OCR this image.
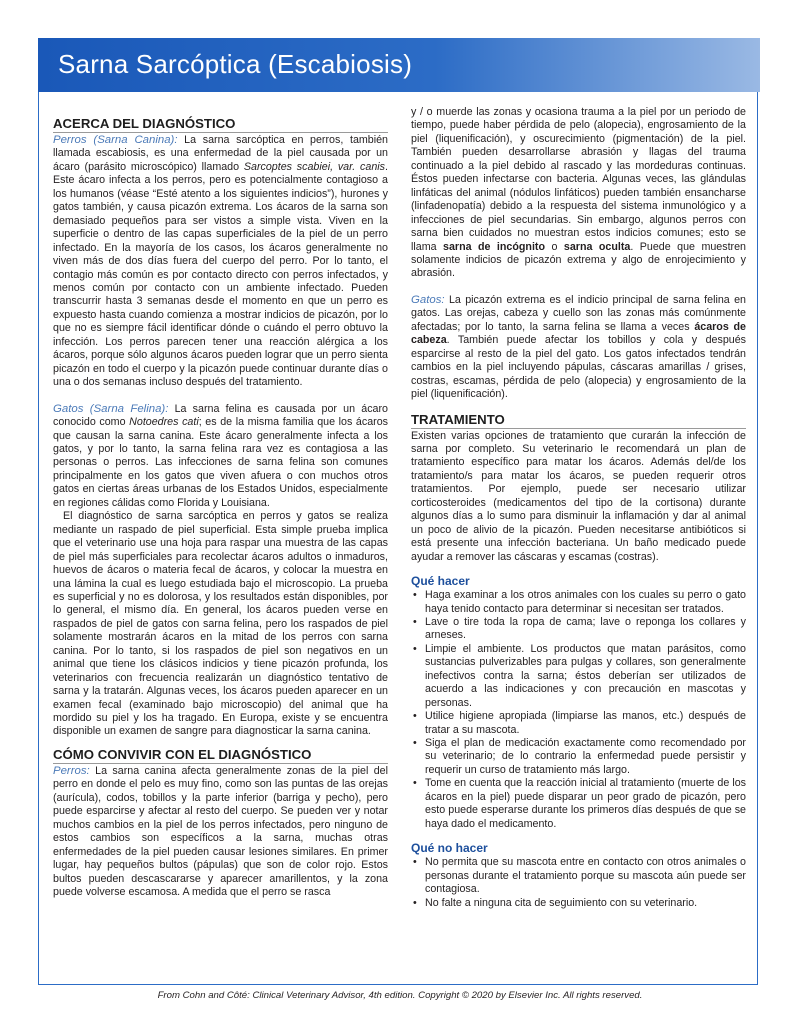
Sarna Sarcóptica (Escabiosis)
ACERCA DEL DIAGNÓSTICO

Perros (Sarna Canina): La sarna sarcóptica en perros, también llamada escabiosis, es una enfermedad de la piel causada por un ácaro (parásito microscópico) llamado Sarcoptes scabiei, var. canis. Este ácaro infecta a los perros, pero es potencialmente contagioso a los humanos (véase “Esté atento a los siguientes indicios”), hurones y gatos también, y causa picazón extrema. Los ácaros de la sarna son demasiado pequeños para ser vistos a simple vista. Viven en la superficie o dentro de las capas superficiales de la piel de un perro infectado. En la mayoría de los casos, los ácaros generalmente no viven más de dos días fuera del cuerpo del perro. Por lo tanto, el contagio más común es por contacto directo con perros infectados, y menos común por contacto con un ambiente infectado. Pueden transcurrir hasta 3 semanas desde el momento en que un perro es expuesto hasta cuando comienza a mostrar indicios de picazón, por lo que no es siempre fácil identificar dónde o cuándo el perro obtuvo la infección. Los perros parecen tener una reacción alérgica a los ácaros, porque sólo algunos ácaros pueden lograr que un perro sienta picazón en todo el cuerpo y la picazón puede continuar durante días o una o dos semanas incluso después del tratamiento.

Gatos (Sarna Felina): La sarna felina es causada por un ácaro conocido como Notoedres cati; es de la misma familia que los ácaros que causan la sarna canina. Este ácaro generalmente infecta a los gatos, y por lo tanto, la sarna felina rara vez es contagiosa a las personas o perros. Las infecciones de sarna felina son comunes principalmente en los gatos que viven afuera o con muchos otros gatos en ciertas áreas urbanas de los Estados Unidos, especialmente en regiones cálidas como Florida y Louisiana.

El diagnóstico de sarna sarcóptica en perros y gatos se realiza mediante un raspado de piel superficial. Esta simple prueba implica que el veterinario use una hoja para raspar una muestra de las capas de piel más superficiales para recolectar ácaros adultos o inmaduros, huevos de ácaros o materia fecal de ácaros, y colocar la muestra en una lámina la cual es luego estudiada bajo el microscopio. La prueba es superficial y no es dolorosa, y los resultados están disponibles, por lo general, el mismo día. En general, los ácaros pueden verse en raspados de piel de gatos con sarna felina, pero los raspados de piel solamente mostrarán ácaros en la mitad de los perros con sarna canina. Por lo tanto, si los raspados de piel son negativos en un animal que tiene los clásicos indicios y tiene picazón profunda, los veterinarios con frecuencia realizarán un diagnóstico tentativo de sarna y la tratarán. Algunas veces, los ácaros pueden aparecer en un examen fecal (examinado bajo microscopio) del animal que ha mordido su piel y los ha tragado. En Europa, existe y se encuentra disponible un examen de sangre para diagnosticar la sarna canina.

CÓMO CONVIVIR CON EL DIAGNÓSTICO

Perros: La sarna canina afecta generalmente zonas de la piel del perro en donde el pelo es muy fino, como son las puntas de las orejas (aurícula), codos, tobillos y la parte inferior (barriga y pecho), pero puede esparcirse y afectar al resto del cuerpo. Se pueden ver y notar muchos cambios en la piel de los perros infectados, pero ninguno de estos cambios son específicos a la sarna, muchas otras enfermedades de la piel pueden causar lesiones similares. En primer lugar, hay pequeños bultos (pápulas) que son de color rojo. Estos bultos pueden descascararse y aparecer amarillentos, y la zona puede volverse escamosa. A medida que el perro se rasca

y / o muerde las zonas y ocasiona trauma a la piel por un periodo de tiempo, puede haber pérdida de pelo (alopecia), engrosamiento de la piel (liquenificación), y oscurecimiento (pigmentación) de la piel. También pueden desarrollarse abrasión y llagas del trauma continuado a la piel debido al rascado y las mordeduras continuas. Éstos pueden infectarse con bacteria. Algunas veces, las glándulas linfáticas del animal (nódulos linfáticos) pueden también ensancharse (linfadenopatía) debido a la respuesta del sistema inmunológico y a infecciones de piel secundarias. Sin embargo, algunos perros con sarna bien cuidados no muestran estos indicios comunes; esto se llama sarna de incógnito o sarna oculta. Puede que muestren solamente indicios de picazón extrema y algo de enrojecimiento y abrasión.

Gatos: La picazón extrema es el indicio principal de sarna felina en gatos. Las orejas, cabeza y cuello son las zonas más comúnmente afectadas; por lo tanto, la sarna felina se llama a veces ácaros de cabeza. También puede afectar los tobillos y cola y después esparcirse al resto de la piel del gato. Los gatos infectados tendrán cambios en la piel incluyendo pápulas, cáscaras amarillas / grises, costras, escamas, pérdida de pelo (alopecia) y engrosamiento de la piel (liquenificación).

TRATAMIENTO

Existen varias opciones de tratamiento que curarán la infección de sarna por completo. Su veterinario le recomendará un plan de tratamiento específico para matar los ácaros. Además del/de los tratamiento/s para matar los ácaros, se pueden requerir otros tratamientos. Por ejemplo, puede ser necesario utilizar corticosteroides (medicamentos del tipo de la cortisona) durante algunos días a lo sumo para disminuir la inflamación y dar al animal un poco de alivio de la picazón. Pueden necesitarse antibióticos si está presente una infección bacteriana. Un baño medicado puede ayudar a remover las cáscaras y escamas (costras).

Qué hacer
• Haga examinar a los otros animales con los cuales su perro o gato haya tenido contacto para determinar si necesitan ser tratados.
• Lave o tire toda la ropa de cama; lave o reponga los collares y arneses.
• Limpie el ambiente. Los productos que matan parásitos, como sustancias pulverizables para pulgas y collares, son generalmente inefectivos contra la sarna; éstos deberían ser utilizados de acuerdo a las indicaciones y con precaución en mascotas y personas.
• Utilice higiene apropiada (limpiarse las manos, etc.) después de tratar a su mascota.
• Siga el plan de medicación exactamente como recomendado por su veterinario; de lo contrario la enfermedad puede persistir y requerir un curso de tratamiento más largo.
• Tome en cuenta que la reacción inicial al tratamiento (muerte de los ácaros en la piel) puede disparar un peor grado de picazón, pero esto puede esperarse durante los primeros días después de que se haya dado el medicamento.
Qué no hacer
• No permita que su mascota entre en contacto con otros animales o personas durante el tratamiento porque su mascota aún puede ser contagiosa.
• No falte a ninguna cita de seguimiento con su veterinario.
From Cohn and Côté: Clinical Veterinary Advisor, 4th edition. Copyright © 2020 by Elsevier Inc. All rights reserved.
